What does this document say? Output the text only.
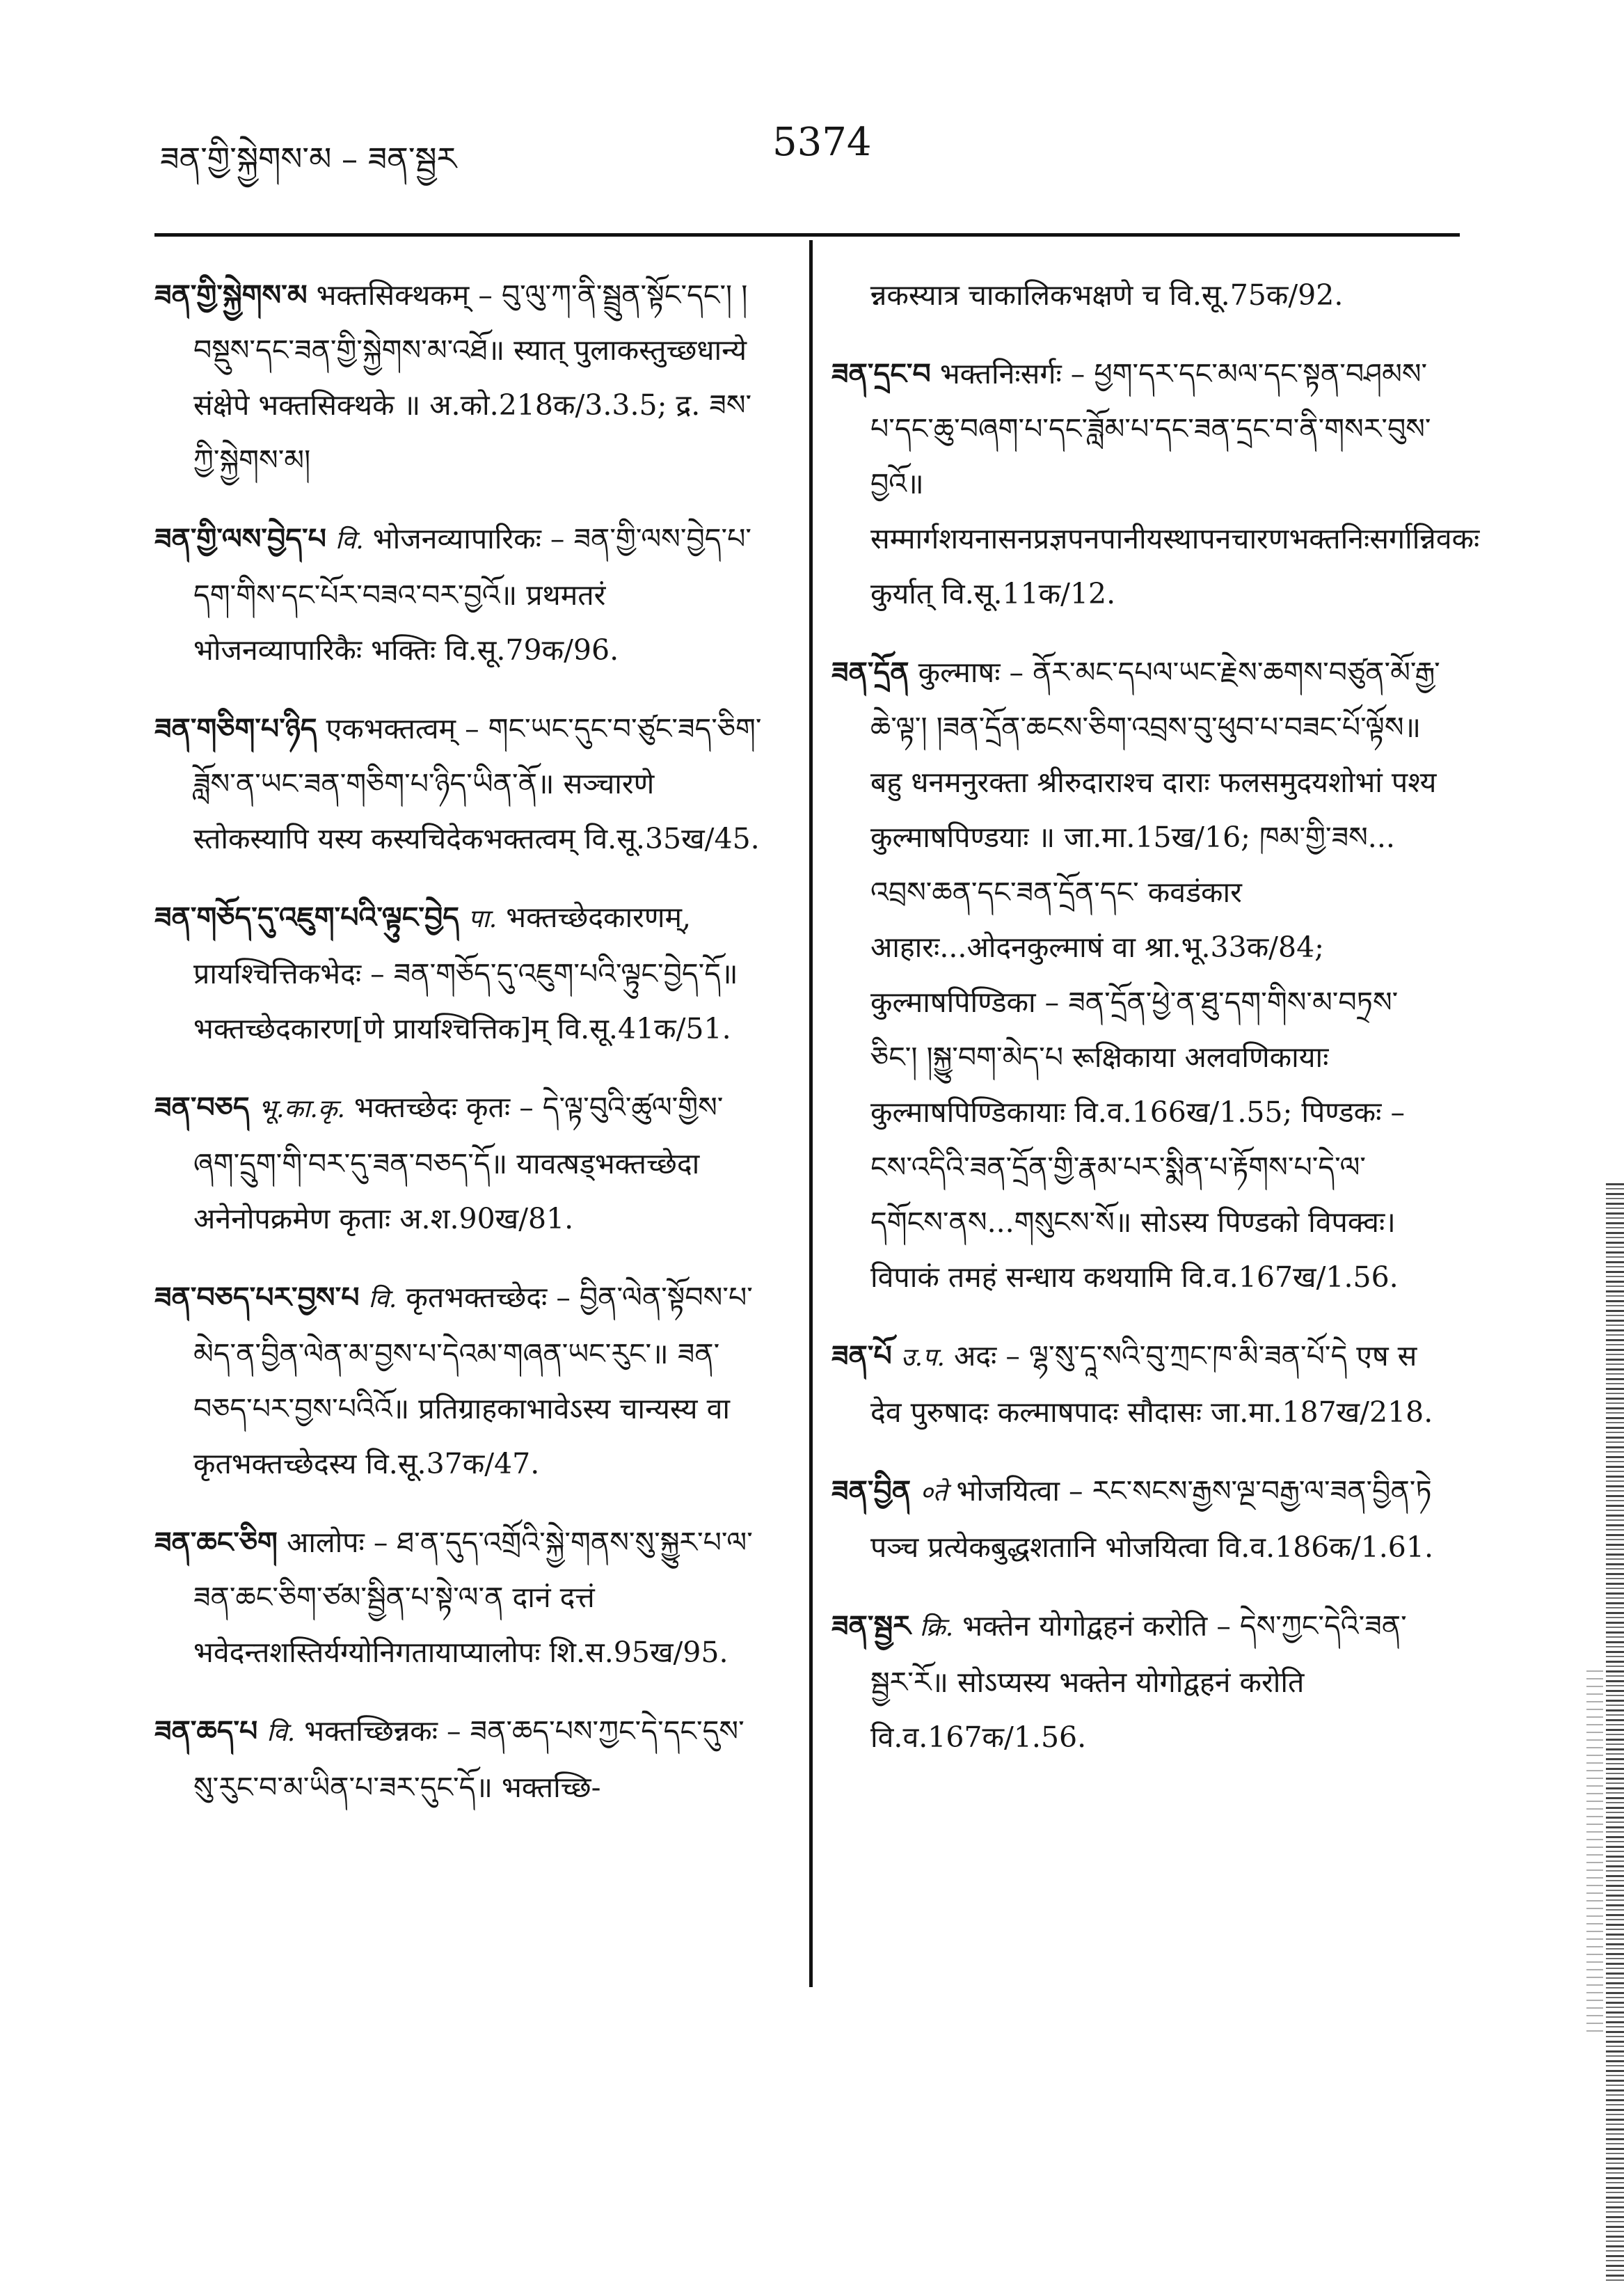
ཟན་གྱི་སྐྱེགས་མ – ཟན་སྦྱར	5374
ཟན་གྱི་སྐྱེགས་མ भक्तसिक्थकम् – བུ་ལུ་ཀ་ནི་སྦྲུན་སྟོང་དང་། །བསྡུས་དང་ཟན་གྱི་སྐྱེགས་མ་འཐོ॥ स्यात् पुलाकस्तुच्छधान्ये संक्षेपे भक्तसिक्थके ॥ अ.को.218क/3.3.5; द्र. ཟས་ཀྱི་སྐྱེགས་མ།
ཟན་གྱི་ལས་བྱེད་པ वि. भोजनव्यापारिकः – ཟན་གྱི་ལས་བྱེད་པ་དག་གིས་དང་པོར་བཟའ་བར་བྱའོ॥ प्रथमतरं भोजनव्यापारिकैः भक्तिः वि.सू.79क/96.
ཟན་གཅིག་པ་ཉིད एकभक्तत्वम् – གང་ཡང་དུང་བ་ཙུང་ཟད་ཅིག་ཟློས་ན་ཡང་ཟན་གཅིག་པ་ཉིད་ཡིན་ནོ॥ सञ्चारणे स्तोकस्यापि यस्य कस्यचिदेकभक्तत्वम् वि.सू.35ख/45.
ཟན་གཅོད་དུ་འཇུག་པའི་ལྟུང་བྱེད पा. भक्तच्छेदकारणम्, प्रायश्चित्तिकभेदः – ཟན་གཅོད་དུ་འཇུག་པའི་ལྟུང་བྱེད་དོ॥ भक्तच्छेदकारण[णे प्रायश्चित्तिक]म् वि.सू.41क/51.
ཟན་བཅད भू.का.कृ. भक्तच्छेदः कृतः – དེ་ལྟ་བུའི་ཚུལ་གྱིས་ཞག་དྲུག་གི་བར་དུ་ཟན་བཅད་དོ॥ यावत्षड्भक्तच्छेदा अनेनोपक्रमेण कृताः अ.श.90ख/81.
ཟན་བཅད་པར་བྱས་པ वि. कृतभक्तच्छेदः – བྱིན་ལེན་སྟོབས་པ་མེད་ན་བྱིན་ལེན་མ་བྱས་པ་དེའམ་གཞན་ཡང་རུང་॥ ཟན་བཅད་པར་བྱས་པའིའོ॥ प्रतिग्राहकाभावेऽस्य चान्यस्य वा कृतभक्तच्छेदस्य वि.सू.37क/47.
ཟན་ཆང་ཅིག आलोपः – ཐ་ན་དུད་འགྲོའི་སྐྱེ་གནས་སུ་སྐྱུར་པ་ལ་ཟན་ཆང་ཅིག་ཙམ་སྦྱིན་པ་སྟེ་ལ་ན दानं दत्तं भवेदन्तशस्तिर्यग्योनिगतायाप्यालोपः शि.स.95ख/95.
ཟན་ཆད་པ वि. भक्तच्छिन्नकः – ཟན་ཆད་པས་ཀྱང་དེ་དང་དུས་སུ་རུང་བ་མ་ཡིན་པ་ཟར་དུང་དོ॥ भक्तच्छि-
न्नकस्यात्र चाकालिकभक्षणे च वि.सू.75क/92.
ཟན་དྲང་བ भक्तनिःसर्गः – ཕྱག་དར་དང་མལ་དང་སྟན་བཤམས་པ་དང་ཆུ་བཞག་པ་དང་ཟློམ་པ་དང་ཟན་དྲང་བ་ནི་གསར་བུས་བྱའོ॥ सम्मार्गशयनासनप्रज्ञपनपानीयस्थापनचारणभक्तनिःसर्गान्निवकः कुर्यात् वि.सू.11क/12.
ཟན་དྲོན कुल्माषः – ནོར་མང་དཔལ་ཡང་རྗེས་ཆགས་བཙུན་མོ་རྒྱ་ཆེ་ལྟ་། །ཟན་དྲོན་ཆངས་ཅིག་འབྲས་བུ་ཕུབ་པ་བཟང་པོ་ལྟོས॥ बहु धनमनुरक्ता श्रीरुदाराश्च दाराः फलसमुदयशोभां पश्य कुल्माषपिण्डयाः ॥ जा.मा.15ख/16; ཁམ་གྱི་ཟས... འབྲས་ཆན་དང་ཟན་དྲོན་དང་ कवडंकार आहारः...ओदनकुल्माषं वा श्रा.भू.33क/84; कुल्माषपिण्डिका – ཟན་དྲོན་ཕྱེ་ན་ཐུ་དག་གིས་མ་བཏྲས་ཅིང་། །སྐྱུ་བག་མེད་པ रूक्षिकाया अलवणिकायाः कुल्माषपिण्डिकायाः वि.व.166ख/1.55; पिण्डकः – ངས་འདིའི་ཟན་དྲོན་གྱི་རྣམ་པར་སྨིན་པ་རྟོགས་པ་དེ་ལ་དགོངས་ནས...གསུངས་སོ॥ सोऽस्य पिण्डको विपक्वः। विपाकं तमहं सन्धाय कथयामि वि.व.167ख/1.56.
ཟན་པོ उ.प. अदः – ལྷ་སུ་དཱ་སའི་བུ་ཀྲང་ཁ་མི་ཟན་པོ་དེ एष स देव पुरुषादः कल्माषपादः सौदासः जा.मा.187ख/218.
ཟན་བྱིན ०ते भोजयित्वा – རང་སངས་རྒྱས་ལྔ་བརྒྱ་ལ་ཟན་བྱིན་ཏེ पञ्च प्रत्येकबुद्धशतानि भोजयित्वा वि.व.186क/1.61.
ཟན་སྦྱར क्रि. भक्तेन योगोद्वहनं करोति – དེས་ཀྱང་དེའི་ཟན་སྦྱར་རོ॥ सोऽप्यस्य भक्तेन योगोद्वहनं करोति वि.व.167क/1.56.
